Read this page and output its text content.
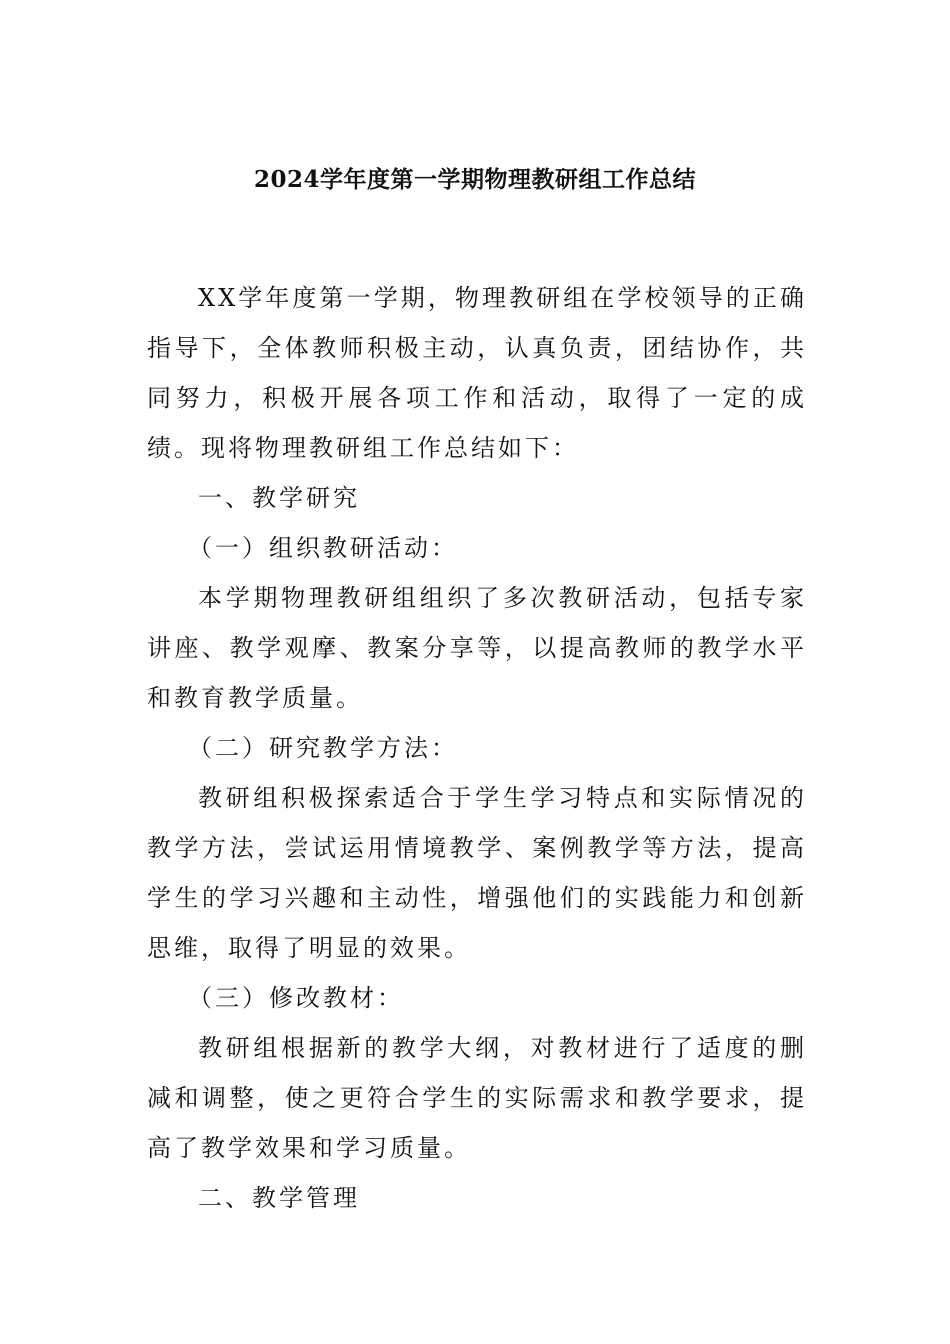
2024学年度第一学期物理教研组工作总结

XX学年度第一学期，物理教研组在学校领导的正确指导下，全体教师积极主动，认真负责，团结协作，共同努力，积极开展各项工作和活动，取得了一定的成绩。现将物理教研组工作总结如下：

一、教学研究

（一）组织教研活动：

本学期物理教研组组织了多次教研活动，包括专家讲座、教学观摩、教案分享等，以提高教师的教学水平和教育教学质量。

（二）研究教学方法：

教研组积极探索适合于学生学习特点和实际情况的教学方法，尝试运用情境教学、案例教学等方法，提高学生的学习兴趣和主动性，增强他们的实践能力和创新思维，取得了明显的效果。

（三）修改教材：

教研组根据新的教学大纲，对教材进行了适度的删减和调整，使之更符合学生的实际需求和教学要求，提高了教学效果和学习质量。

二、教学管理
